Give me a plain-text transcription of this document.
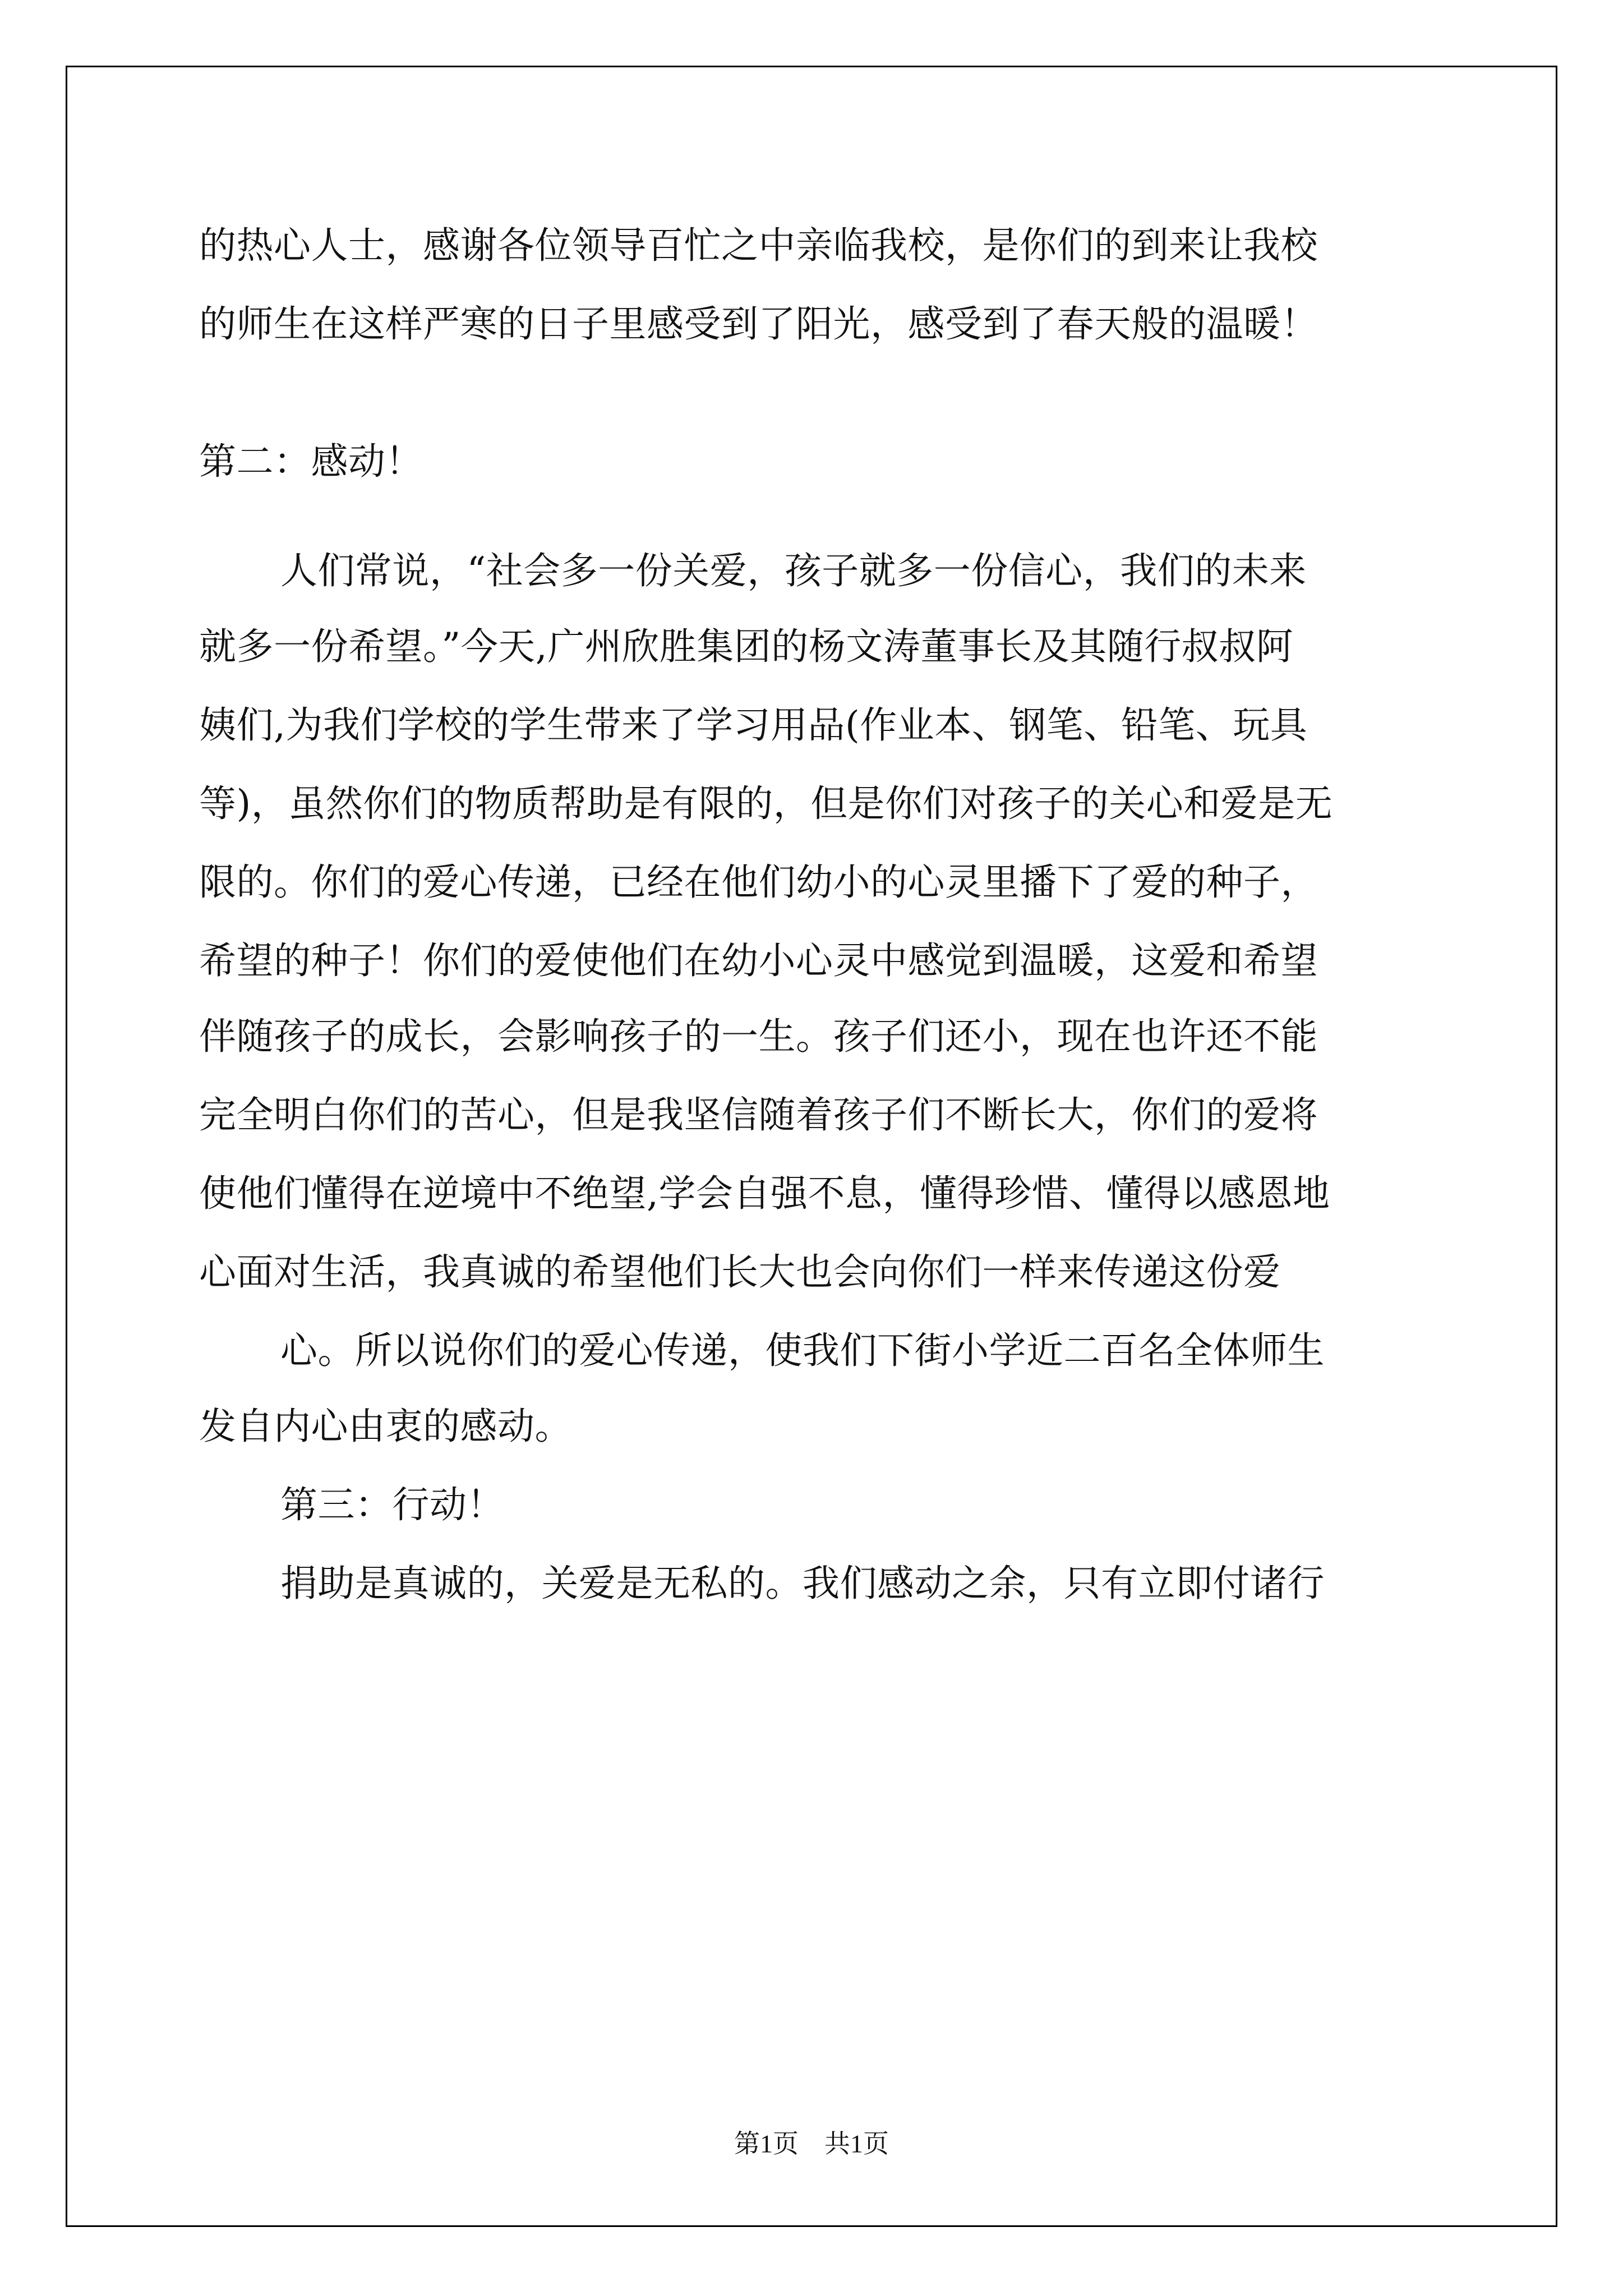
的热心人士，感谢各位领导百忙之中亲临我校，是你们的到来让我校
的师生在这样严寒的日子里感受到了阳光，感受到了春天般的温暖！
第二：感动！
人们常说，“社会多一份关爱，孩子就多一份信心，我们的未来
就多一份希望。”今天,广州欣胜集团的杨文涛董事长及其随行叔叔阿
姨们,为我们学校的学生带来了学习用品(作业本、钢笔、铅笔、玩具
等)，虽然你们的物质帮助是有限的，但是你们对孩子的关心和爱是无
限的。你们的爱心传递，已经在他们幼小的心灵里播下了爱的种子，
希望的种子！你们的爱使他们在幼小心灵中感觉到温暖，这爱和希望
伴随孩子的成长，会影响孩子的一生。孩子们还小，现在也许还不能
完全明白你们的苦心，但是我坚信随着孩子们不断长大，你们的爱将
使他们懂得在逆境中不绝望,学会自强不息，懂得珍惜、懂得以感恩地
心面对生活，我真诚的希望他们长大也会向你们一样来传递这份爱
心。所以说你们的爱心传递，使我们下街小学近二百名全体师生
发自内心由衷的感动。
第三：行动！
捐助是真诚的，关爱是无私的。我们感动之余，只有立即付诸行
第1页　共1页
